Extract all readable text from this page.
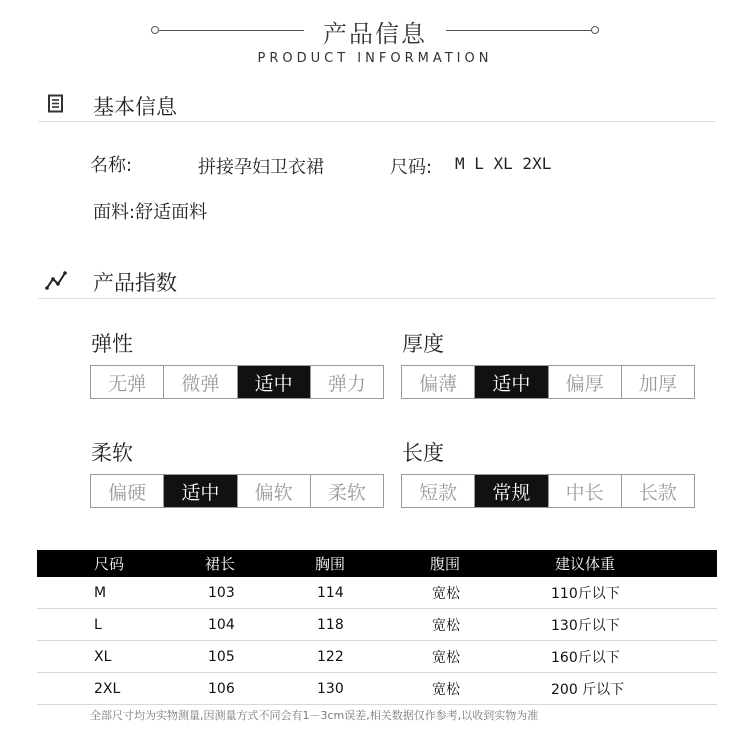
产品信息
PRODUCT INFORMATION
基本信息
名称:	拼接孕妇卫衣裙	尺码: M L XL 2XL
面料:舒适面料
产品指数
弹性
无弹	微弹	适中	弹力
厚度
偏薄	适中	偏厚	加厚
柔软
偏硬	适中	偏软	柔软
长度
短款	常规	中长	长款
尺码	裙长	胸围	腹围	建议体重
M	103	114	宽松	110斤以下
L	104	118	宽松	130斤以下
XL	105	122	宽松	160斤以下
2XL	106	130	宽松	200 斤以下
全部尺寸均为实物测量,因测量方式不同会有1－3cm误差,相关数据仅作参考,以收到实物为准
